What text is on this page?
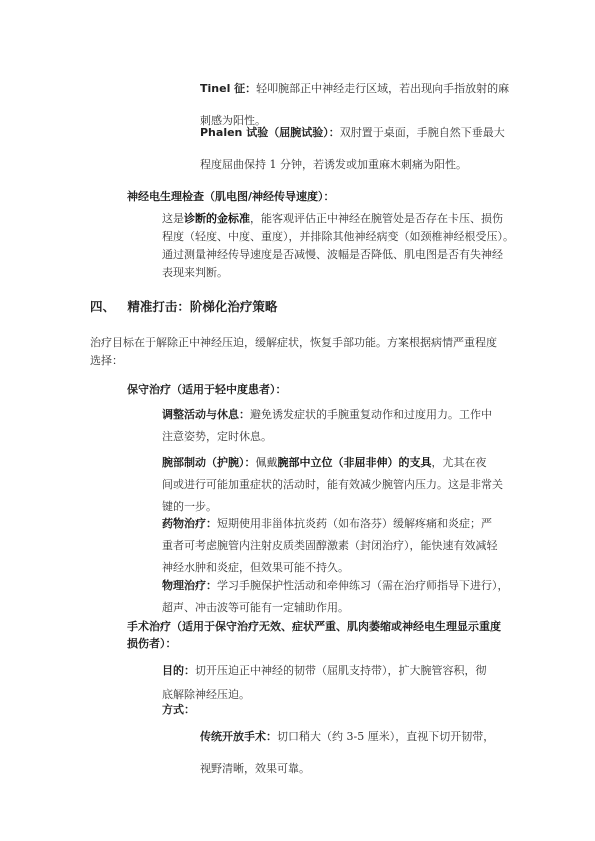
Tinel 征：轻叩腕部正中神经走行区域，若出现向手指放射的麻
刺感为阳性。
Phalen 试验（屈腕试验）：双肘置于桌面，手腕自然下垂最大
程度屈曲保持 1 分钟，若诱发或加重麻木刺痛为阳性。
神经电生理检查（肌电图/神经传导速度）：
这是诊断的金标准，能客观评估正中神经在腕管处是否存在卡压、损伤
程度（轻度、中度、重度），并排除其他神经病变（如颈椎神经根受压）。
通过测量神经传导速度是否减慢、波幅是否降低、肌电图是否有失神经
表现来判断。
四、 精准打击：阶梯化治疗策略
治疗目标在于解除正中神经压迫，缓解症状，恢复手部功能。方案根据病情严重程度
选择：
保守治疗（适用于轻中度患者）：
调整活动与休息：避免诱发症状的手腕重复动作和过度用力。工作中
注意姿势，定时休息。
腕部制动（护腕）：佩戴腕部中立位（非屈非伸）的支具，尤其在夜
间或进行可能加重症状的活动时，能有效减少腕管内压力。这是非常关
键的一步。
药物治疗：短期使用非甾体抗炎药（如布洛芬）缓解疼痛和炎症；严
重者可考虑腕管内注射皮质类固醇激素（封闭治疗），能快速有效减轻
神经水肿和炎症，但效果可能不持久。
物理治疗：学习手腕保护性活动和牵伸练习（需在治疗师指导下进行），
超声、冲击波等可能有一定辅助作用。
手术治疗（适用于保守治疗无效、症状严重、肌肉萎缩或神经电生理显示重度
损伤者）：
目的：切开压迫正中神经的韧带（屈肌支持带），扩大腕管容积，彻
底解除神经压迫。
方式：
传统开放手术：切口稍大（约 3-5 厘米），直视下切开韧带，
视野清晰，效果可靠。
